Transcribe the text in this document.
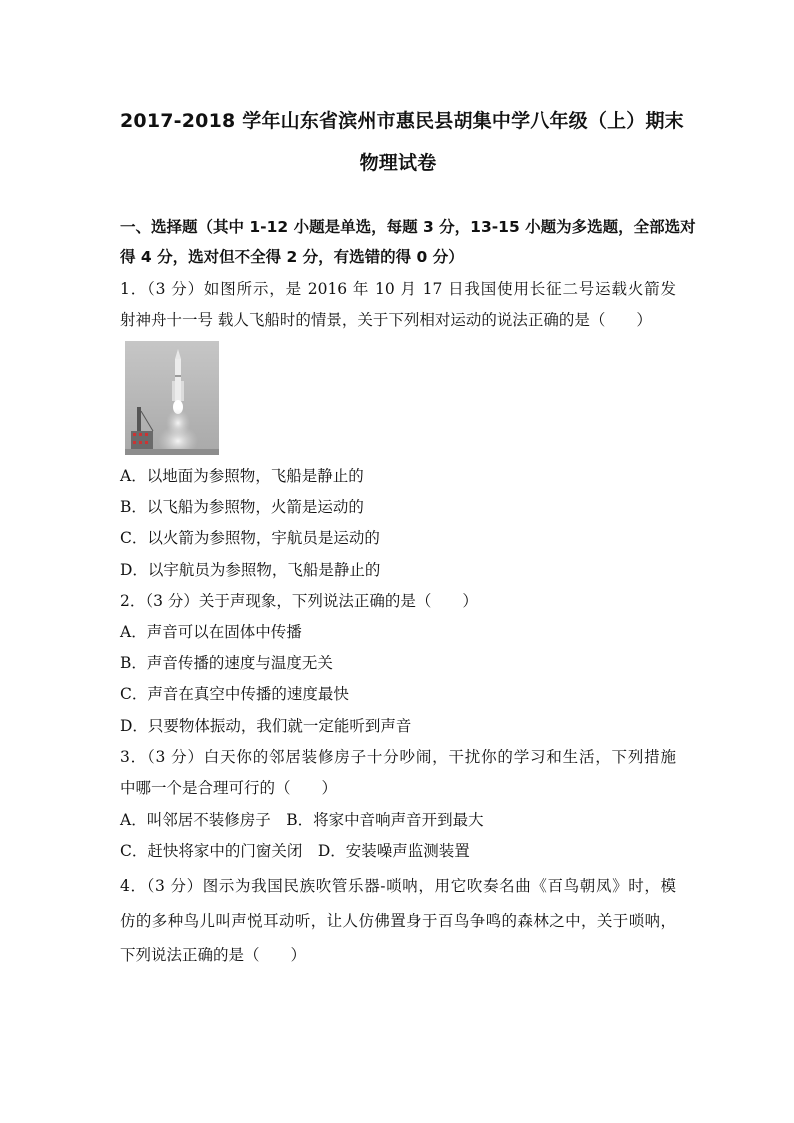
2017-2018 学年山东省滨州市惠民县胡集中学八年级（上）期末
物理试卷
一、选择题（其中 1-12 小题是单选，每题 3 分，13-15 小题为多选题，全部选对
得 4 分，选对但不全得 2 分，有选错的得 0 分）
1．（3 分）如图所示，是 2016 年 10 月 17 日我国使用长征二号运载火箭发
射神舟十一号 载人飞船时的情景，关于下列相对运动的说法正确的是（　　）
A．以地面为参照物，飞船是静止的
B．以飞船为参照物，火箭是运动的
C．以火箭为参照物，宇航员是运动的
D．以宇航员为参照物，飞船是静止的
2．（3 分）关于声现象，下列说法正确的是（　　）
A．声音可以在固体中传播
B．声音传播的速度与温度无关
C．声音在真空中传播的速度最快
D．只要物体振动，我们就一定能听到声音
3．（3 分）白天你的邻居装修房子十分吵闹，干扰你的学习和生活，下列措施
中哪一个是合理可行的（　　）
A．叫邻居不装修房子　B．将家中音响声音开到最大
C．赶快将家中的门窗关闭　D．安装噪声监测装置
4．（3 分）图示为我国民族吹管乐器-唢呐，用它吹奏名曲《百鸟朝凤》时，模
仿的多种鸟儿叫声悦耳动听，让人仿佛置身于百鸟争鸣的森林之中，关于唢呐，
下列说法正确的是（　　）
